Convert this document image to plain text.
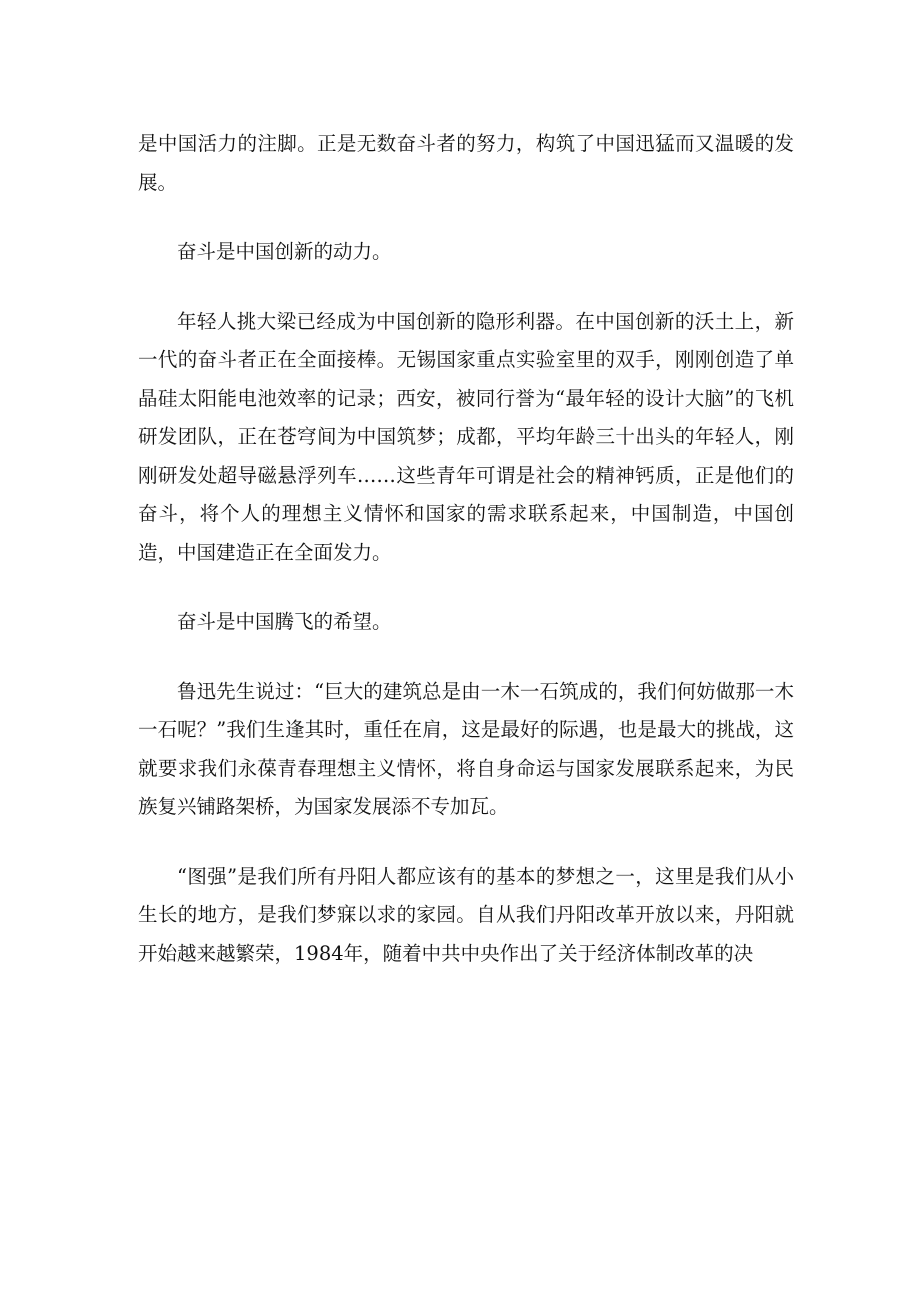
是中国活力的注脚。正是无数奋斗者的努力，构筑了中国迅猛而又温暖的发展。

奋斗是中国创新的动力。

年轻人挑大梁已经成为中国创新的隐形利器。在中国创新的沃土上，新一代的奋斗者正在全面接棒。无锡国家重点实验室里的双手，刚刚创造了单晶硅太阳能电池效率的记录；西安，被同行誉为“最年轻的设计大脑”的飞机研发团队，正在苍穹间为中国筑梦；成都，平均年龄三十出头的年轻人，刚刚研发处超导磁悬浮列车……这些青年可谓是社会的精神钙质，正是他们的奋斗，将个人的理想主义情怀和国家的需求联系起来，中国制造，中国创造，中国建造正在全面发力。

奋斗是中国腾飞的希望。

鲁迅先生说过：“巨大的建筑总是由一木一石筑成的，我们何妨做那一木一石呢？”我们生逢其时，重任在肩，这是最好的际遇，也是最大的挑战，这就要求我们永葆青春理想主义情怀，将自身命运与国家发展联系起来，为民族复兴铺路架桥，为国家发展添不专加瓦。

“图强”是我们所有丹阳人都应该有的基本的梦想之一，这里是我们从小生长的地方，是我们梦寐以求的家园。自从我们丹阳改革开放以来，丹阳就开始越来越繁荣，1984年，随着中共中央作出了关于经济体制改革的决
